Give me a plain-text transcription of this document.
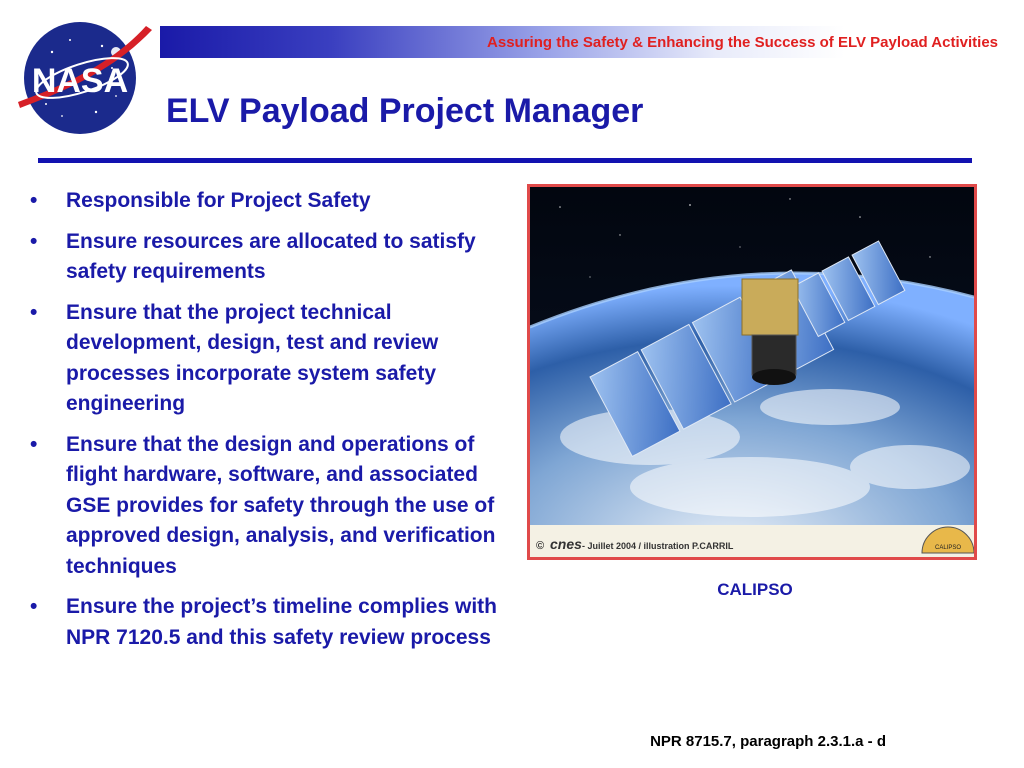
Assuring the Safety & Enhancing the Success of ELV Payload Activities
NASA
ELV Payload Project Manager
• Responsible for Project Safety
• Ensure resources are allocated to satisfy safety requirements
• Ensure that the project technical development, design, test and review processes incorporate system safety engineering
• Ensure that the design and operations of flight hardware, software, and associated GSE provides for safety through the use of approved design, analysis, and verification techniques
• Ensure the project’s timeline complies with NPR 7120.5 and this safety review process
© cnes - Juillet 2004 / illustration P.CARRIL	CALIPSO
CALIPSO
NPR 8715.7, paragraph 2.3.1.a - d
